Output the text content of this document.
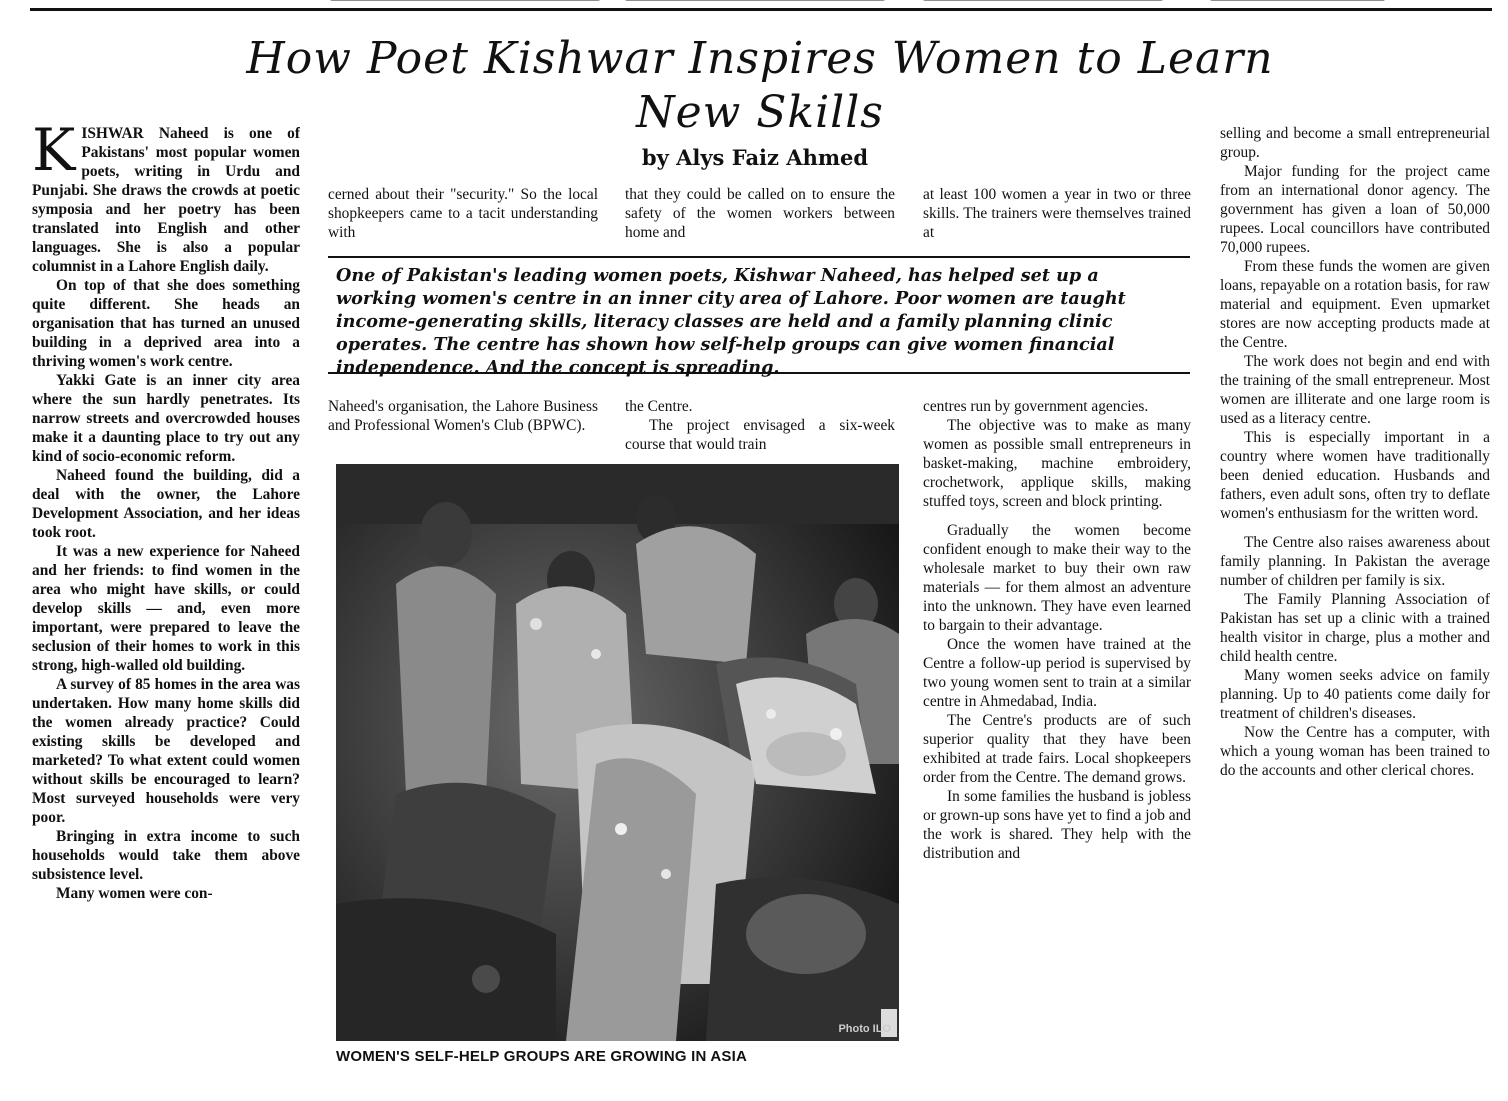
How Poet Kishwar Inspires Women to Learn New Skills
by Alys Faiz Ahmed

KISHWAR Naheed is one of Pakistans' most popular women poets, writing in Urdu and Punjabi. She draws the crowds at poetic symposia and her poetry has been translated into English and other languages. She is also a popular columnist in a Lahore English daily.

On top of that she does something quite different. She heads an organisation that has turned an unused building in a deprived area into a thriving women's work centre.

Yakki Gate is an inner city area where the sun hardly penetrates. Its narrow streets and overcrowded houses make it a daunting place to try out any kind of socio-economic reform.

Naheed found the building, did a deal with the owner, the Lahore Development Association, and her ideas took root.

It was a new experience for Naheed and her friends: to find women in the area who might have skills, or could develop skills — and, even more important, were prepared to leave the seclusion of their homes to work in this strong, high-walled old building.

A survey of 85 homes in the area was undertaken. How many home skills did the women already practice? Could existing skills be developed and marketed? To what extent could women without skills be encouraged to learn? Most surveyed households were very poor.

Bringing in extra income to such households would take them above subsistence level.

Many women were con-

cerned about their "security." So the local shopkeepers came to a tacit understanding with

Naheed's organisation, the Lahore Business and Professional Women's Club (BPWC).

that they could be called on to ensure the safety of the women workers between home and

the Centre.

The project envisaged a six-week course that would train

at least 100 women a year in two or three skills. The trainers were themselves trained at

centres run by government agencies.

The objective was to make as many women as possible small entrepreneurs in basket-making, machine embroidery, crochetwork, applique skills, making stuffed toys, screen and block printing.

Gradually the women become confident enough to make their way to the wholesale market to buy their own raw materials — for them almost an adventure into the unknown. They have even learned to bargain to their advantage.

Once the women have trained at the Centre a follow-up period is supervised by two young women sent to train at a similar centre in Ahmedabad, India.

The Centre's products are of such superior quality that they have been exhibited at trade fairs. Local shopkeepers order from the Centre. The demand grows.

In some families the husband is jobless or grown-up sons have yet to find a job and the work is shared. They help with the distribution and

selling and become a small entrepreneurial group.

Major funding for the project came from an international donor agency. The government has given a loan of 50,000 rupees. Local councillors have contributed 70,000 rupees.

From these funds the women are given loans, repayable on a rotation basis, for raw material and equipment. Even upmarket stores are now accepting products made at the Centre.

The work does not begin and end with the training of the small entrepreneur. Most women are illiterate and one large room is used as a literacy centre.

This is especially important in a country where women have traditionally been denied education. Husbands and fathers, even adult sons, often try to deflate women's enthusiasm for the written word.

The Centre also raises awareness about family planning. In Pakistan the average number of children per family is six.

The Family Planning Association of Pakistan has set up a clinic with a trained health visitor in charge, plus a mother and child health centre.

Many women seeks advice on family planning. Up to 40 patients come daily for treatment of children's diseases.

Now the Centre has a computer, with which a young woman has been trained to do the accounts and other clerical chores.

One of Pakistan's leading women poets, Kishwar Naheed, has helped set up a working women's centre in an inner city area of Lahore. Poor women are taught income-generating skills, literacy classes are held and a family planning clinic operates. The centre has shown how self-help groups can give women financial independence. And the concept is spreading.
Photo ILO
WOMEN'S SELF-HELP GROUPS ARE GROWING IN ASIA
